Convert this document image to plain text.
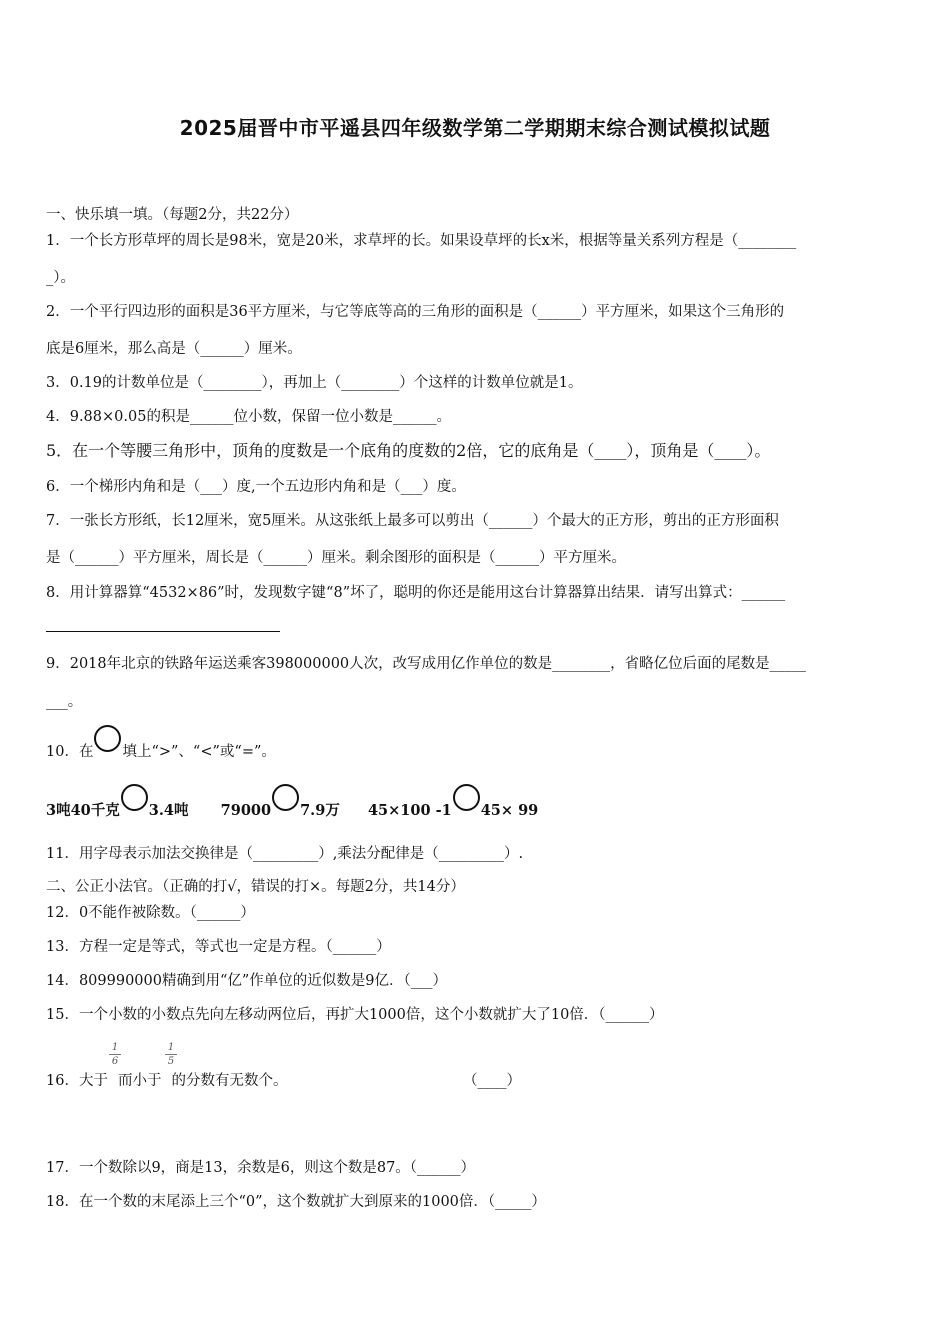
2025届晋中市平遥县四年级数学第二学期期末综合测试模拟试题
一、快乐填一填。（每题2分，共22分）
1．一个长方形草坪的周长是98米，宽是20米，求草坪的长。如果设草坪的长x米，根据等量关系列方程是（________
_）。
2．一个平行四边形的面积是36平方厘米，与它等底等高的三角形的面积是（______）平方厘米，如果这个三角形的
底是6厘米，那么高是（______）厘米。
3．0.19的计数单位是（________），再加上（________）个这样的计数单位就是1。
4．9.88×0.05的积是______位小数，保留一位小数是______。
5．在一个等腰三角形中，顶角的度数是一个底角的度数的2倍，它的底角是（____），顶角是（____）。
6．一个梯形内角和是（___）度,一个五边形内角和是（___）度。
7．一张长方形纸，长12厘米，宽5厘米。从这张纸上最多可以剪出（______）个最大的正方形，剪出的正方形面积
是（______）平方厘米，周长是（______）厘米。剩余图形的面积是（______）平方厘米。
8．用计算器算“4532×86”时，发现数字键“8”坏了，聪明的你还是能用这台计算器算出结果．请写出算式：______
9．2018年北京的铁路年运送乘客398000000人次，改写成用亿作单位的数是________，省略亿位后面的尾数是_____
___。
10．在 填上“>”、“<”或“=”。
3吨40千克 3.4吨 79000 7.9万 45×100 -1 45× 99
11．用字母表示加法交换律是（_________）,乘法分配律是（_________）.
二、公正小法官。（正确的打√，错误的打×。每题2分，共14分）
12．0不能作被除数。（______）
13．方程一定是等式，等式也一定是方程。（______）
14．809990000精确到用“亿”作单位的近似数是9亿．（___）
15．一个小数的小数点先向左移动两位后，再扩大1000倍，这个小数就扩大了10倍．（______）
16．大于 而小于 的分数有无数个。
1
6
1
5
（____）
17．一个数除以9，商是13，余数是6，则这个数是87。（______）
18．在一个数的末尾添上三个“0”，这个数就扩大到原来的1000倍．（_____）
